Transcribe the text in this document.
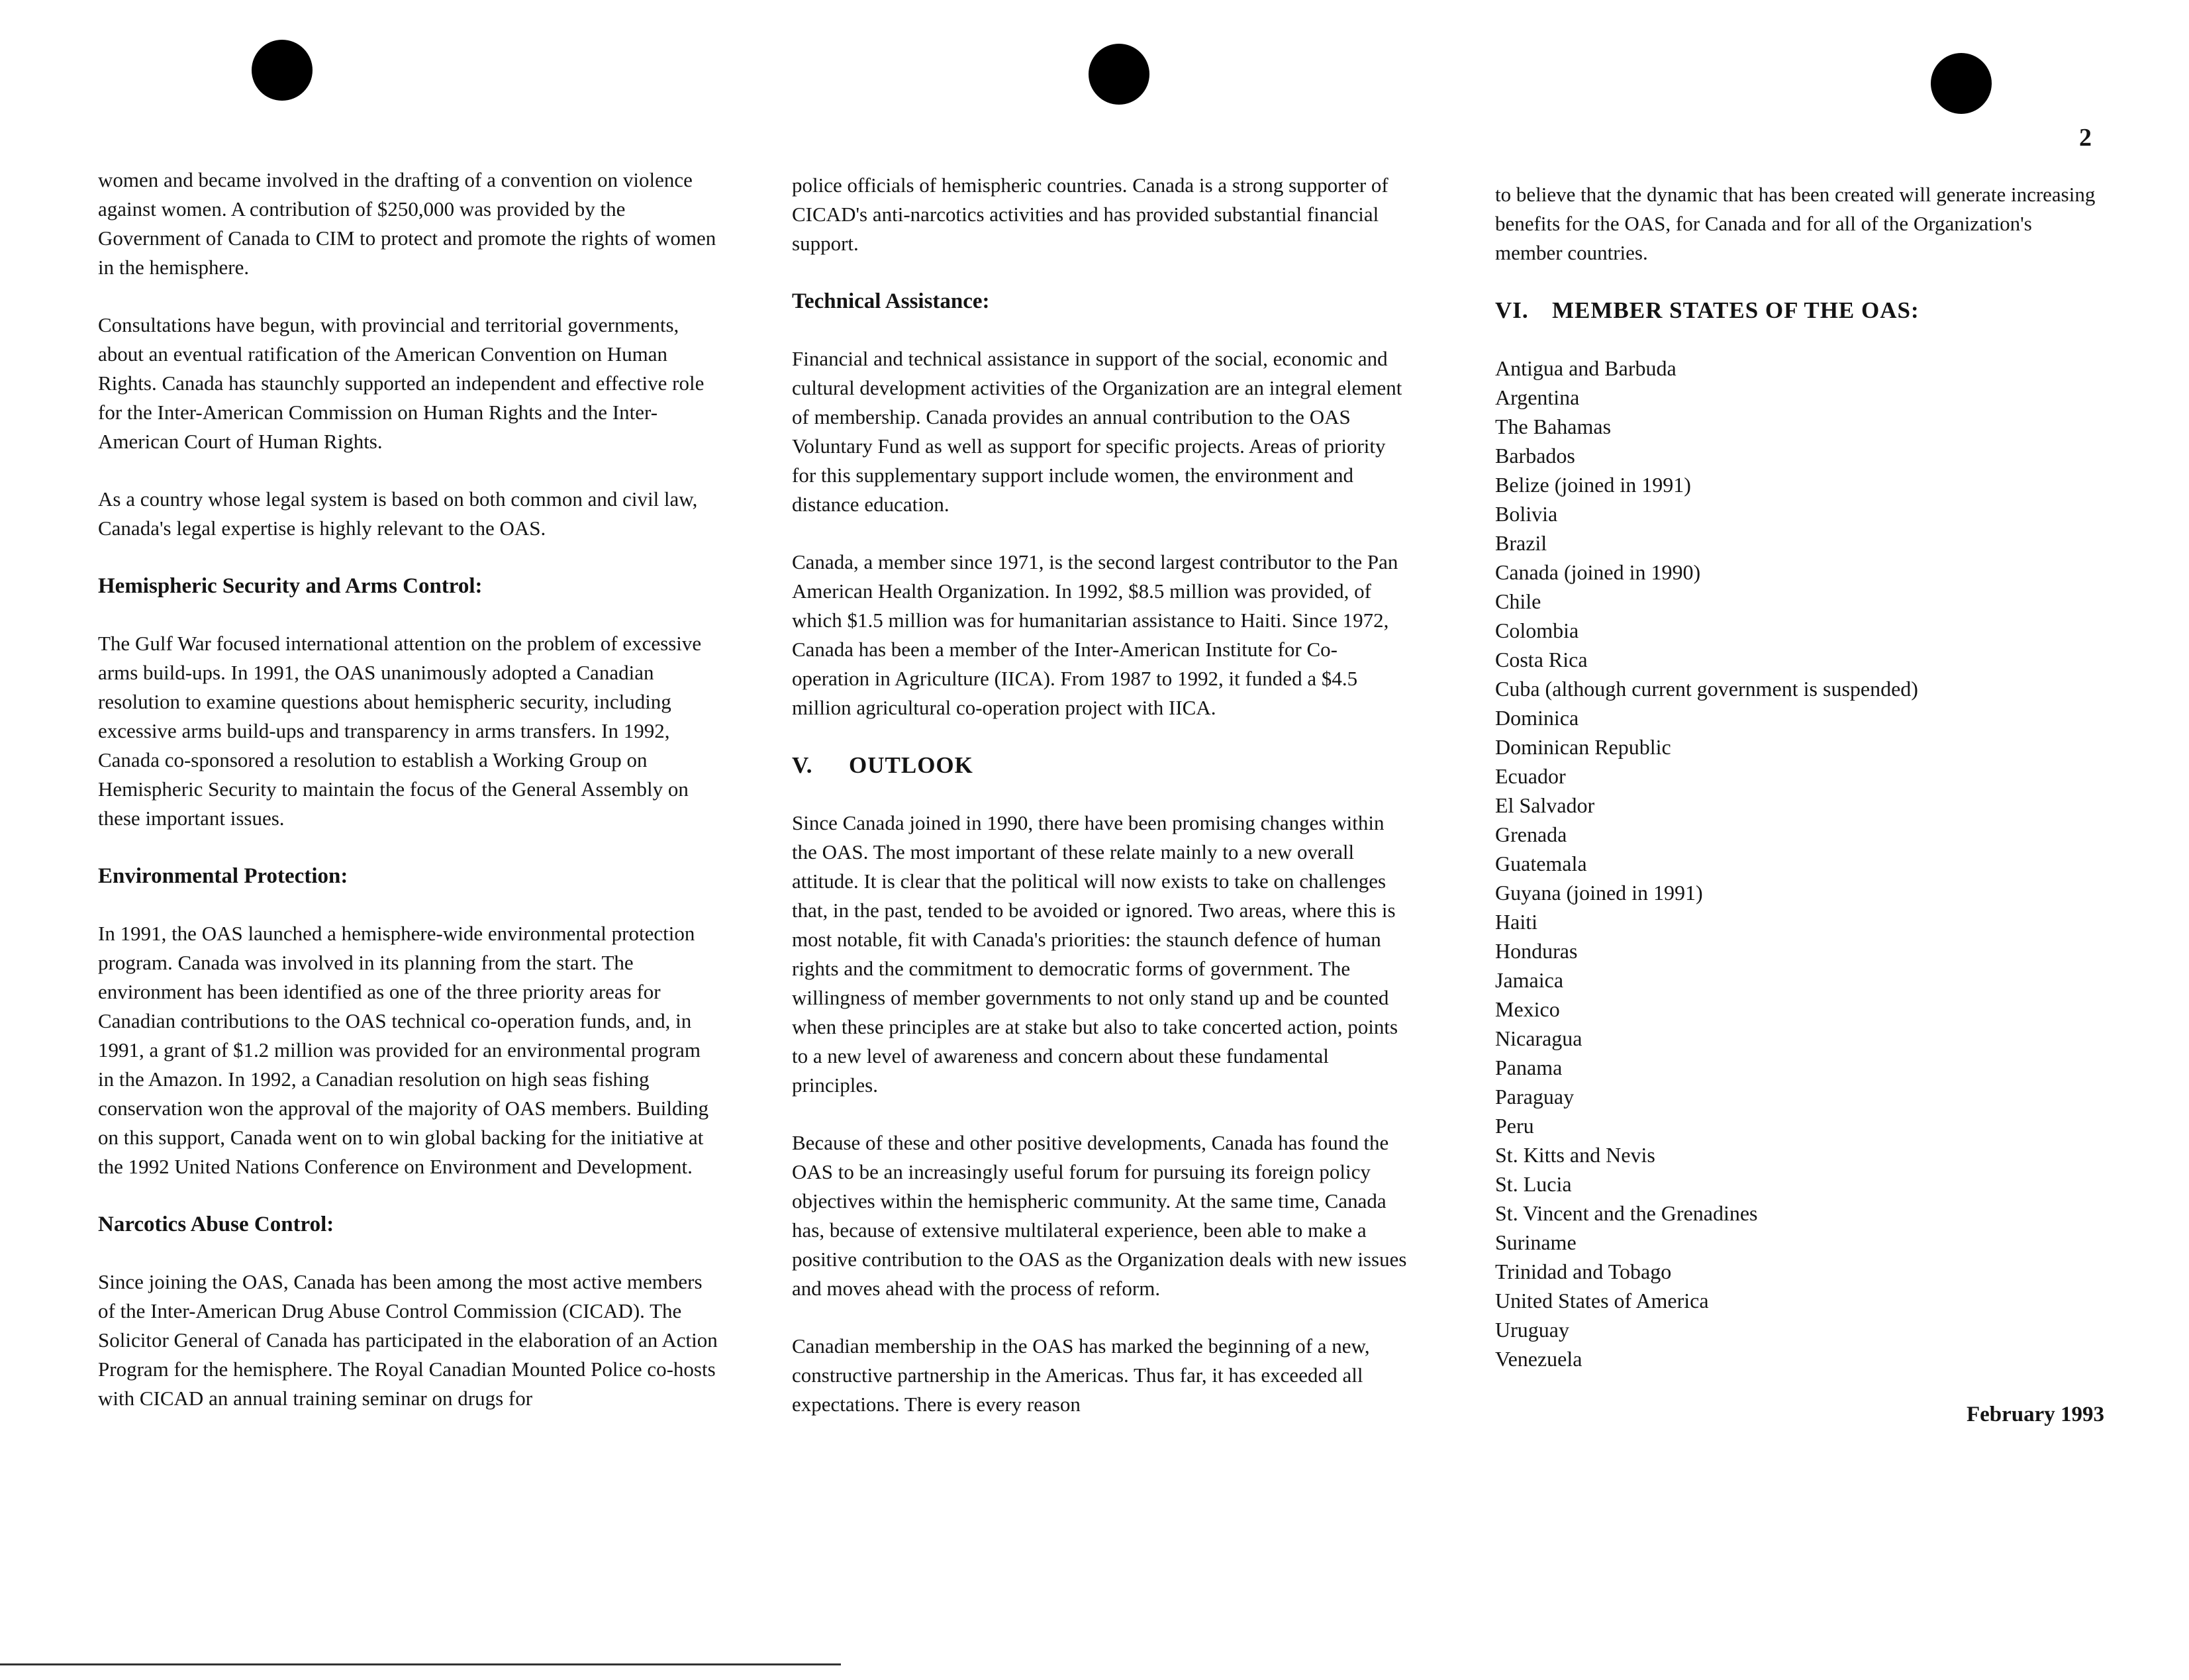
2

women and became involved in the drafting of a convention on violence against women. A contribution of $250,000 was provided by the Government of Canada to CIM to protect and promote the rights of women in the hemisphere.

Consultations have begun, with provincial and territorial governments, about an eventual ratification of the American Convention on Human Rights. Canada has staunchly supported an independent and effective role for the Inter-American Commission on Human Rights and the Inter-American Court of Human Rights.

As a country whose legal system is based on both common and civil law, Canada's legal expertise is highly relevant to the OAS.

Hemispheric Security and Arms Control:

The Gulf War focused international attention on the problem of excessive arms build-ups. In 1991, the OAS unanimously adopted a Canadian resolution to examine questions about hemispheric security, including excessive arms build-ups and transparency in arms transfers. In 1992, Canada co-sponsored a resolution to establish a Working Group on Hemispheric Security to maintain the focus of the General Assembly on these important issues.

Environmental Protection:

In 1991, the OAS launched a hemisphere-wide environmental protection program. Canada was involved in its planning from the start. The environment has been identified as one of the three priority areas for Canadian contributions to the OAS technical co-operation funds, and, in 1991, a grant of $1.2 million was provided for an environmental program in the Amazon. In 1992, a Canadian resolution on high seas fishing conservation won the approval of the majority of OAS members. Building on this support, Canada went on to win global backing for the initiative at the 1992 United Nations Conference on Environment and Development.

Narcotics Abuse Control:

Since joining the OAS, Canada has been among the most active members of the Inter-American Drug Abuse Control Commission (CICAD). The Solicitor General of Canada has participated in the elaboration of an Action Program for the hemisphere. The Royal Canadian Mounted Police co-hosts with CICAD an annual training seminar on drugs for

police officials of hemispheric countries. Canada is a strong supporter of CICAD's anti-narcotics activities and has provided substantial financial support.

Technical Assistance:

Financial and technical assistance in support of the social, economic and cultural development activities of the Organization are an integral element of membership. Canada provides an annual contribution to the OAS Voluntary Fund as well as support for specific projects. Areas of priority for this supplementary support include women, the environment and distance education.

Canada, a member since 1971, is the second largest contributor to the Pan American Health Organization. In 1992, $8.5 million was provided, of which $1.5 million was for humanitarian assistance to Haiti. Since 1972, Canada has been a member of the Inter-American Institute for Co-operation in Agriculture (IICA). From 1987 to 1992, it funded a $4.5 million agricultural co-operation project with IICA.

V. OUTLOOK

Since Canada joined in 1990, there have been promising changes within the OAS. The most important of these relate mainly to a new overall attitude. It is clear that the political will now exists to take on challenges that, in the past, tended to be avoided or ignored. Two areas, where this is most notable, fit with Canada's priorities: the staunch defence of human rights and the commitment to democratic forms of government. The willingness of member governments to not only stand up and be counted when these principles are at stake but also to take concerted action, points to a new level of awareness and concern about these fundamental principles.

Because of these and other positive developments, Canada has found the OAS to be an increasingly useful forum for pursuing its foreign policy objectives within the hemispheric community. At the same time, Canada has, because of extensive multilateral experience, been able to make a positive contribution to the OAS as the Organization deals with new issues and moves ahead with the process of reform.

Canadian membership in the OAS has marked the beginning of a new, constructive partnership in the Americas. Thus far, it has exceeded all expectations. There is every reason

to believe that the dynamic that has been created will generate increasing benefits for the OAS, for Canada and for all of the Organization's member countries.

VI. MEMBER STATES OF THE OAS:
Antigua and Barbuda
Argentina
The Bahamas
Barbados
Belize (joined in 1991)
Bolivia
Brazil
Canada (joined in 1990)
Chile
Colombia
Costa Rica
Cuba (although current government is suspended)
Dominica
Dominican Republic
Ecuador
El Salvador
Grenada
Guatemala
Guyana (joined in 1991)
Haiti
Honduras
Jamaica
Mexico
Nicaragua
Panama
Paraguay
Peru
St. Kitts and Nevis
St. Lucia
St. Vincent and the Grenadines
Suriname
Trinidad and Tobago
United States of America
Uruguay
Venezuela
February 1993
